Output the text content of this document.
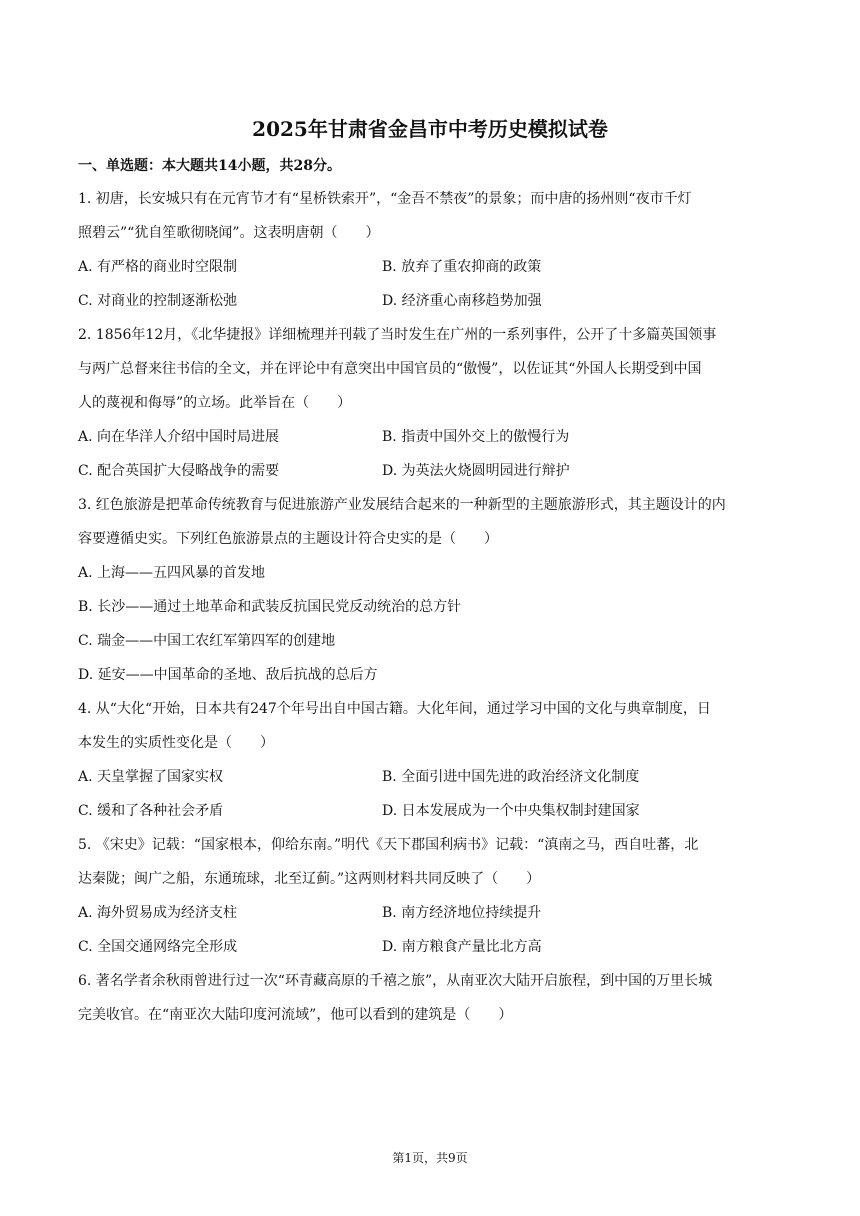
2025年甘肃省金昌市中考历史模拟试卷
一、单选题：本大题共14小题，共28分。
1. 初唐，长安城只有在元宵节才有“星桥铁索开”，“金吾不禁夜”的景象；而中唐的扬州则“夜市千灯
照碧云”“犹自笙歌彻晓闻”。这表明唐朝（　　）
A. 有严格的商业时空限制	B. 放弃了重农抑商的政策
C. 对商业的控制逐渐松弛	D. 经济重心南移趋势加强
2. 1856年12月，《北华捷报》详细梳理并刊载了当时发生在广州的一系列事件，公开了十多篇英国领事
与两广总督来往书信的全文，并在评论中有意突出中国官员的“傲慢”，以佐证其“外国人长期受到中国
人的蔑视和侮辱”的立场。此举旨在（　　）
A. 向在华洋人介绍中国时局进展	B. 指责中国外交上的傲慢行为
C. 配合英国扩大侵略战争的需要	D. 为英法火烧圆明园进行辩护
3. 红色旅游是把革命传统教育与促进旅游产业发展结合起来的一种新型的主题旅游形式，其主题设计的内
容要遵循史实。下列红色旅游景点的主题设计符合史实的是（　　）
A. 上海——五四风暴的首发地
B. 长沙——通过土地革命和武装反抗国民党反动统治的总方针
C. 瑞金——中国工农红军第四军的创建地
D. 延安——中国革命的圣地、敌后抗战的总后方
4. 从“大化“开始，日本共有247个年号出自中国古籍。大化年间，通过学习中国的文化与典章制度，日
本发生的实质性变化是（　　）
A. 天皇掌握了国家实权	B. 全面引进中国先进的政治经济文化制度
C. 缓和了各种社会矛盾	D. 日本发展成为一个中央集权制封建国家
5. 《宋史》记载：“国家根本，仰给东南。”明代《天下郡国利病书》记载：“滇南之马，西自吐蕃，北
达秦陇；闽广之船，东通琉球，北至辽蓟。”这两则材料共同反映了（　　）
A. 海外贸易成为经济支柱	B. 南方经济地位持续提升
C. 全国交通网络完全形成	D. 南方粮食产量比北方高
6. 著名学者余秋雨曾进行过一次“环青藏高原的千禧之旅”，从南亚次大陆开启旅程，到中国的万里长城
完美收官。在“南亚次大陆印度河流域”，他可以看到的建筑是（　　）
第1页，共9页
